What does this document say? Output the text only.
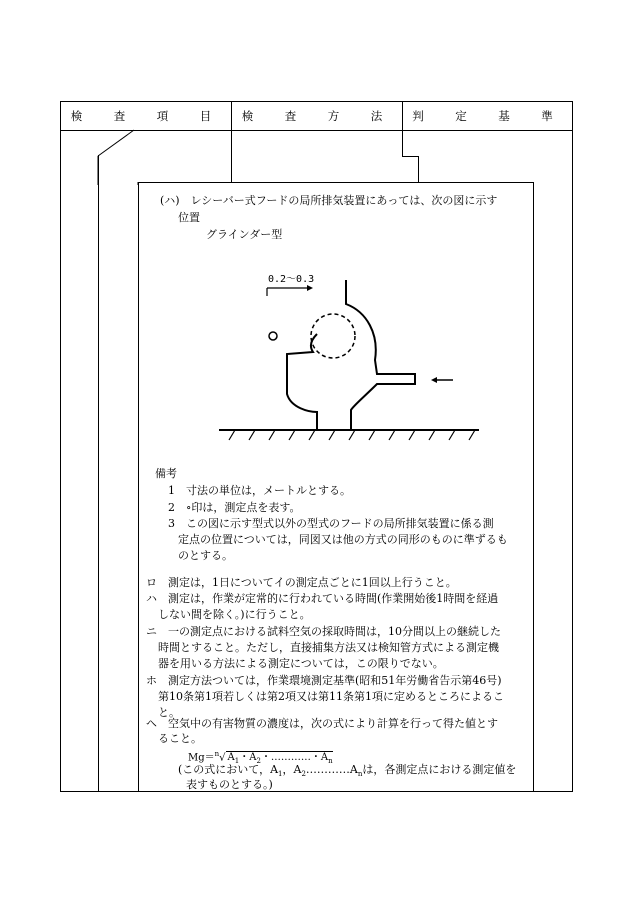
検　査　項　目	検　査　方　法	判　定　基　準
(ハ)　レシーバー式フードの局所排気装置にあっては、次の図に示す
位置
グラインダー型
0.2～0.3
備考
1　寸法の単位は，メートルとする。
2　∘印は，測定点を表す。
3　この図に示す型式以外の型式のフードの局所排気装置に係る測
定点の位置については，同図又は他の方式の同形のものに準ずるも
のとする。
ロ　測定は，1日についてイの測定点ごとに1回以上行うこと。
ハ　測定は，作業が定常的に行われている時間(作業開始後1時間を経過
しない間を除く。)に行うこと。
ニ　一の測定点における試料空気の採取時間は，10分間以上の継続した
時間とすること。ただし，直接捕集方法又は検知管方式による測定機
器を用いる方法による測定については，この限りでない。
ホ　測定方法ついては，作業環境測定基準(昭和51年労働省告示第46号)
第10条第1項若しくは第2項又は第11条第1項に定めるところによるこ
と。
ヘ　空気中の有害物質の濃度は，次の式により計算を行って得た値とす
ること。
Mg＝$^n$√ $A_1$・$A_2$・…………・$A_n$
(この式において，$A_1$，$A_2\dots\dots\dots\dots A_n$は，各測定点における測定値を
表すものとする。)
